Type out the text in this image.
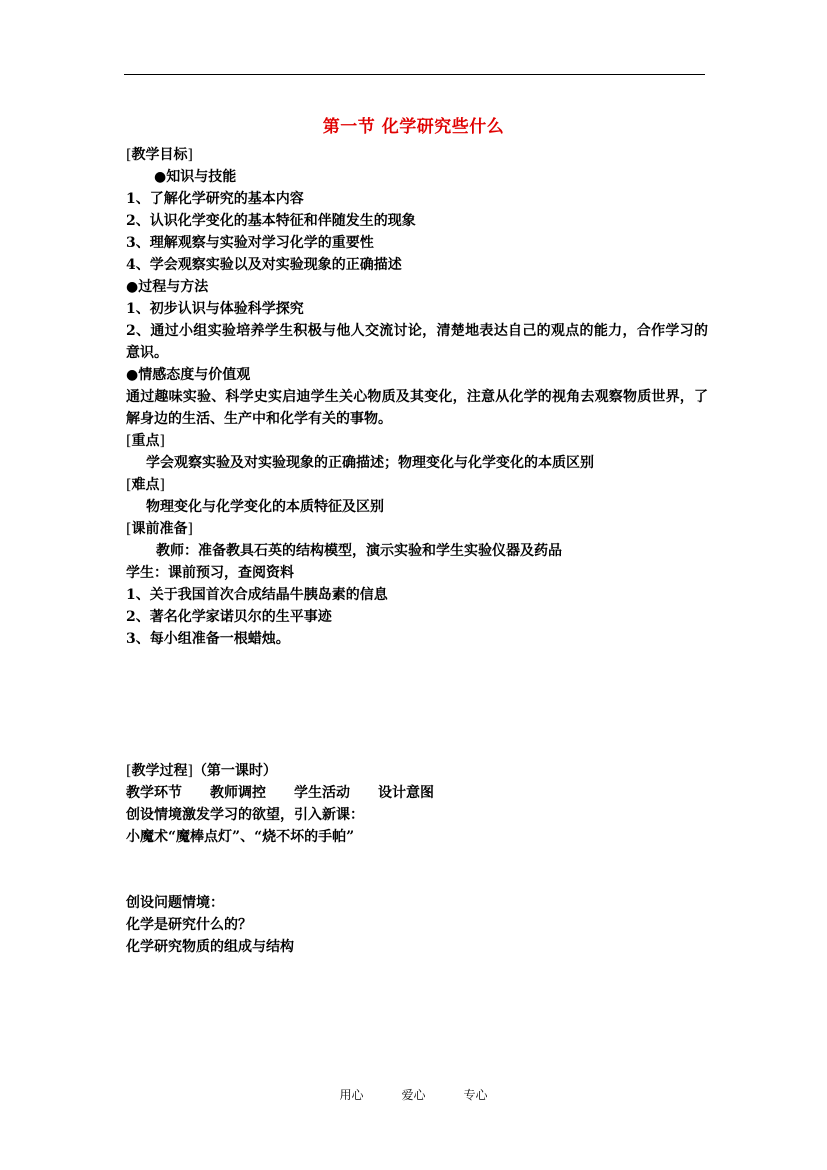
第一节 化学研究些什么
[教学目标]
●知识与技能
1、了解化学研究的基本内容
2、认识化学变化的基本特征和伴随发生的现象
3、理解观察与实验对学习化学的重要性
4、学会观察实验以及对实验现象的正确描述
●过程与方法
1、初步认识与体验科学探究
2、通过小组实验培养学生积极与他人交流讨论，清楚地表达自己的观点的能力，合作学习的意识。
●情感态度与价值观
通过趣味实验、科学史实启迪学生关心物质及其变化，注意从化学的视角去观察物质世界，了解身边的生活、生产中和化学有关的事物。
[重点]
学会观察实验及对实验现象的正确描述；物理变化与化学变化的本质区别
[难点]
物理变化与化学变化的本质特征及区别
[课前准备]
教师：准备教具石英的结构模型，演示实验和学生实验仪器及药品
学生：课前预习，查阅资料
1、关于我国首次合成结晶牛胰岛素的信息
2、著名化学家诺贝尔的生平事迹
3、每小组准备一根蜡烛。
[教学过程]（第一课时）
教学环节 教师调控 学生活动 设计意图
创设情境激发学习的欲望，引入新课：
小魔术“魔棒点灯”、“烧不坏的手帕”
创设问题情境：
化学是研究什么的？
化学研究物质的组成与结构
用心	爱心	专心
